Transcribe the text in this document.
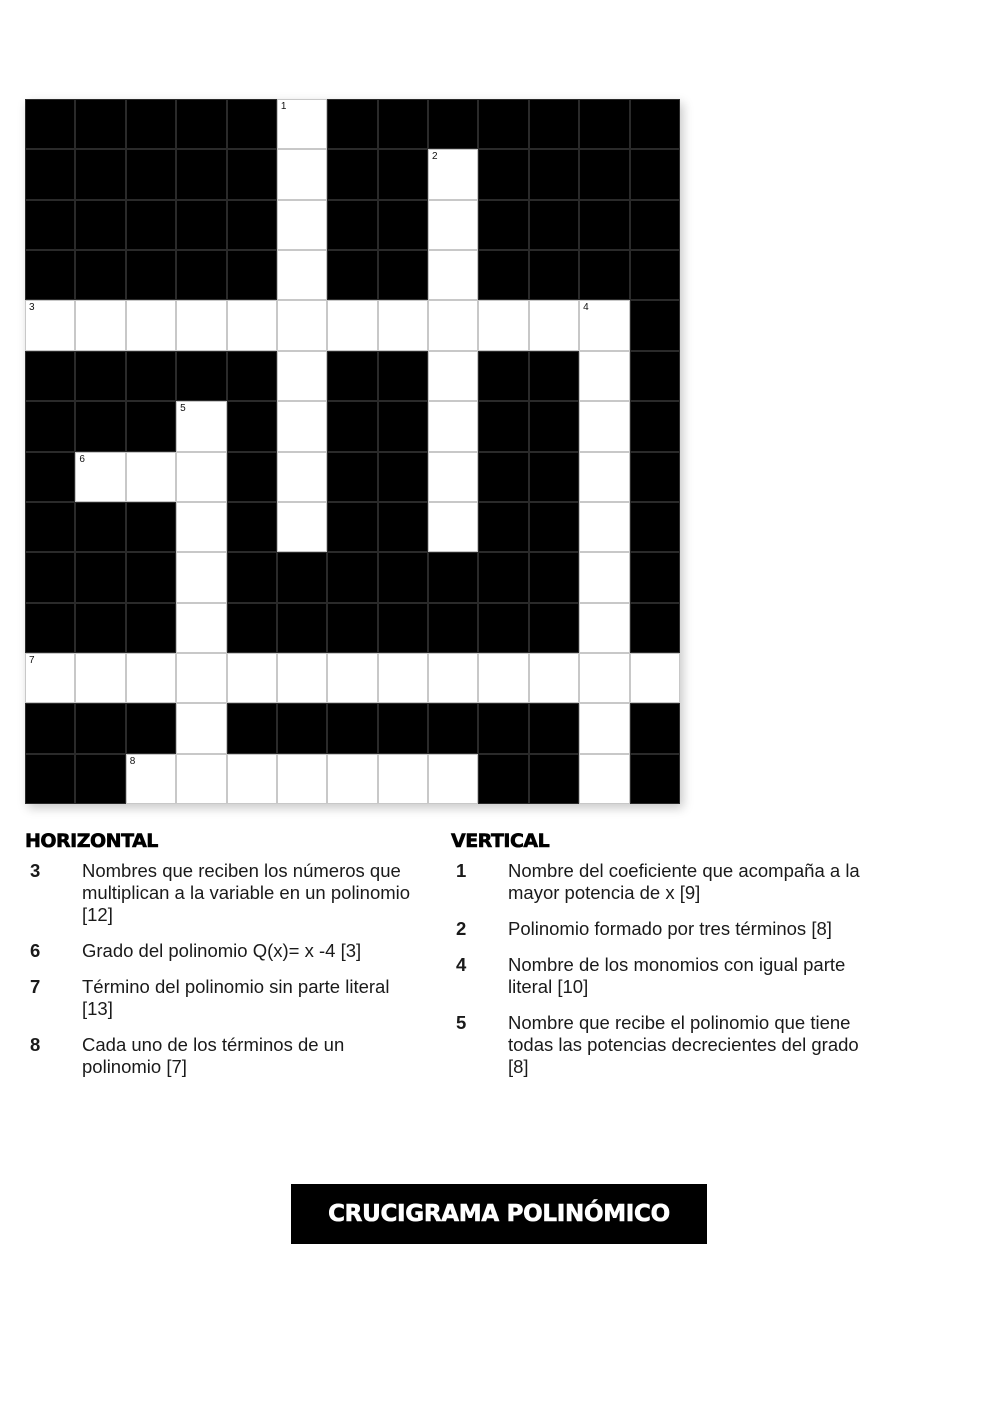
1
2
3	4
5
6
7
8
HORIZONTAL
3	Nombres que reciben los números que multiplican a la variable en un polinomio [12]
6	Grado del polinomio Q(x)= x -4 [3]
7	Término del polinomio sin parte literal [13]
8	Cada uno de los términos de un polinomio [7]
VERTICAL
1	Nombre del coeficiente que acompaña a la mayor potencia de x [9]
2	Polinomio formado por tres términos [8]
4	Nombre de los monomios con igual parte literal [10]
5	Nombre que recibe el polinomio que tiene todas las potencias decrecientes del grado [8]
CRUCIGRAMA POLINÓMICO
